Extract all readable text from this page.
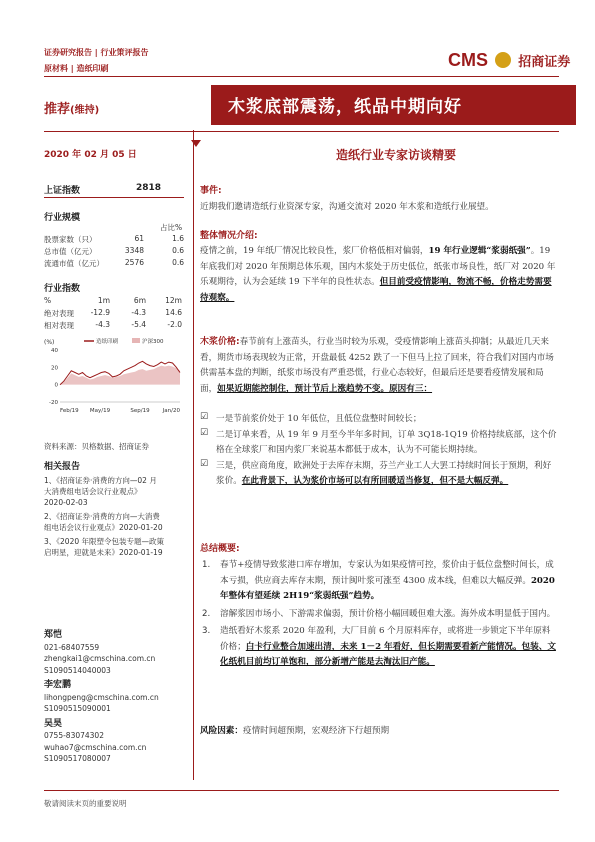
证券研究报告 | 行业策评报告
原材料 | 造纸印刷	CMS 招商证券
推荐(维持)	木浆底部震荡，纸品中期向好
2020 年 02 月 05 日	造纸行业专家访谈精要
上证指数	2818
行业规模
占比%
股票家数（只）	61	1.6
总市值（亿元）	3348	0.6
流通市值（亿元）	2576	0.6
行业指数
%	1m	6m	12m
绝对表现 -12.9	-4.3	14.6
相对表现	-4.3	-5.4	-2.0
(%)	造纸印刷	沪深300
40
20
0
-20
Feb/19 May/19	Sep/19 Jan/20
资料来源：贝格数据、招商证券
相关报告
1、《招商证券·消费的方向—02 月
大消费组电话会议行业观点》
2020-02-03
2、《招商证券·消费的方向—大消费
组电话会议行业观点》2020-01-20
3、《2020 年限塑令包装专题—政策
启明星，迎就是未来》2020-01-19
郑恺
021-68407559
zhengkai1@cmschina.com.cn
S1090514040003
李宏鹏
lihongpeng@cmschina.com.cn
S1090515090001
吴昊
0755-83074302
wuhao7@cmschina.com.cn
S1090517080007
事件:
近期我们邀请造纸行业资深专家，沟通交流对 2020 年木浆和造纸行业展望。
整体情况介绍:
疫情之前，19 年纸厂情况比较良性，浆厂价格低相对偏弱，19 年行业逻辑“浆弱纸强”。19 年底我们对 2020 年预期总体乐观，国内木浆处于历史低位，纸张市场良性，纸厂对 2020 年乐观期待，认为会延续 19 下半年的良性状态。但目前受疫情影响，物流不畅，价格走势需要待观察。
木浆价格:春节前有上涨苗头，行业当时较为乐观，受疫情影响上涨苗头抑制；从最近几天来看，期货市场表现较为正常，开盘最低 4252 跌了一下但马上拉了回来，符合我们对国内市场供需基本盘的判断，纸浆市场没有严重恐慌，行业心态较好，但最后还是要看疫情发展和局面，如果近期能控制住，预计节后上涨趋势不变。原因有三：
☑ 一是节前浆价处于 10 年低位，且低位盘整时间较长；
☑ 二是订单来看，从 19 年 9 月至今半年多时间，订单 3Q18-1Q19 价格持续底部，这个价格在全球浆厂和国内浆厂来说基本都低于成本，认为不可能长期持续。
☑ 三是，供应商角度，欧洲处于去库存末期，芬兰产业工人大罢工持续时间长于预期，利好浆价。在此背景下，认为浆价市场可以有所回暖适当修复，但不是大幅反弹。
总结概要:
1. 春节+疫情导致浆港口库存增加，专家认为如果疫情可控，浆价由于低位盘整时间长，成本亏损，供应商去库存末期，预计闽叶浆可涨至 4300 成本线，但难以大幅反弹。2020 年整体有望延续 2H19“浆弱纸强”趋势。
2. 溶解浆因市场小、下游需求偏弱，预计价格小幅回暖但难大涨。海外成本明显低于国内。
3. 造纸看好木浆系 2020 年盈利，大厂目前 6 个月原料库存，或将进一步锁定下半年原料价格；白卡行业整合加速出清，未来 1－2 年看好，但长期需要看新产能情况。包装、文化纸机目前均订单饱和，部分新增产能是去淘汰旧产能。
风险因素：疫情时间超预期，宏观经济下行超预期
敬请阅读末页的重要说明
